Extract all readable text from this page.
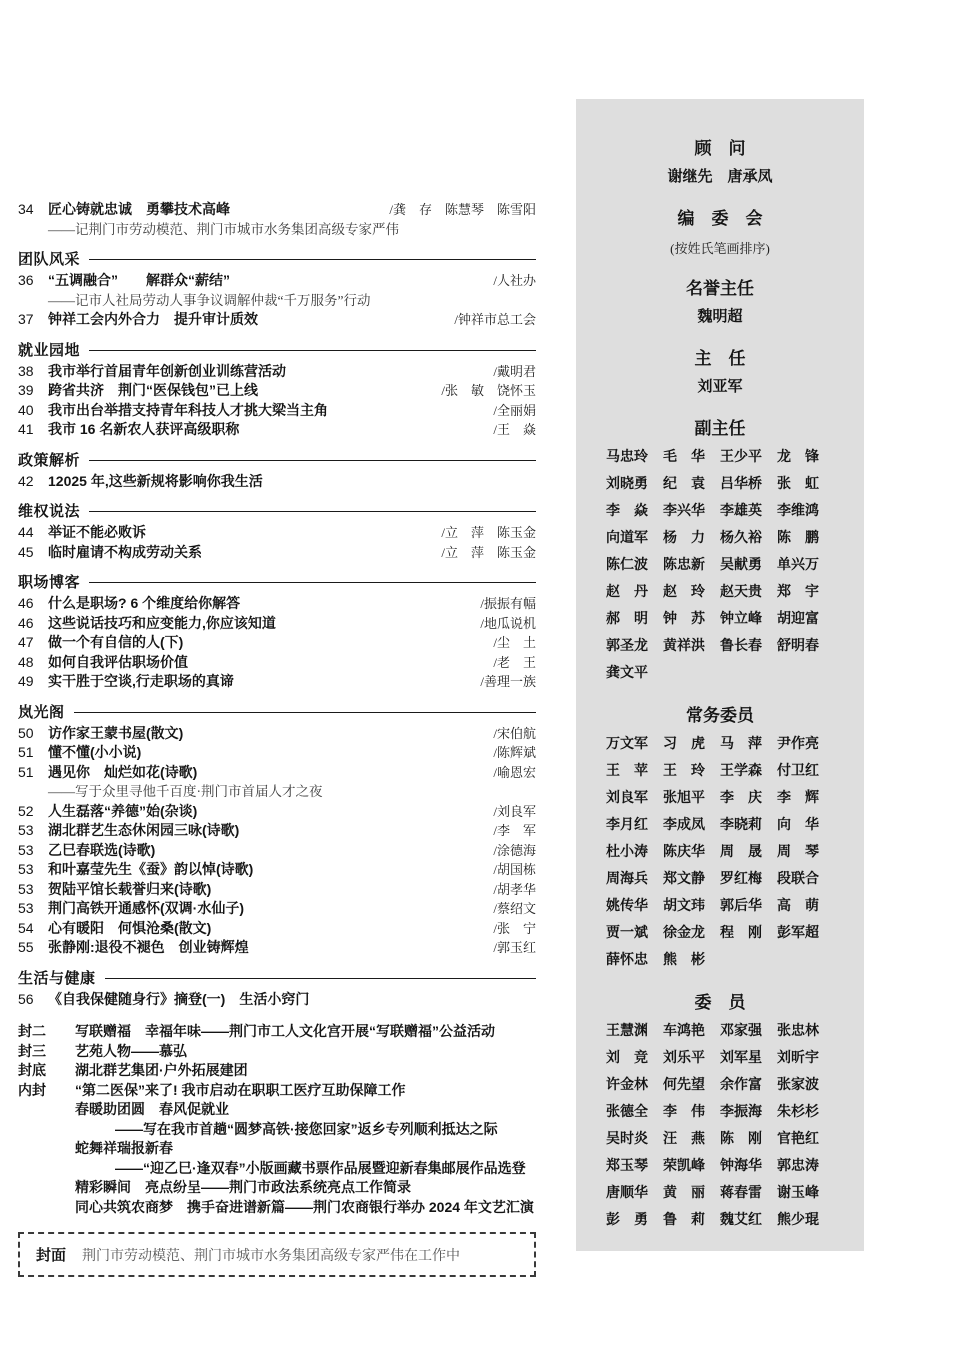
34	匠心铸就忠诚　勇攀技术高峰	/龚　存　陈慧琴　陈雪阳
——记荆门市劳动模范、荆门市城市水务集团高级专家严伟
团队风采
36	“五调融合”　　解群众“薪结”	/人社办
——记市人社局劳动人事争议调解仲裁“千万服务”行动
37	钟祥工会内外合力　提升审计质效	/钟祥市总工会
就业园地
38	我市举行首届青年创新创业训练营活动	/戴明君
39	跨省共济　荆门“医保钱包”已上线	/张　敏　饶怀玉
40	我市出台举措支持青年科技人才挑大梁当主角	/全丽娟
41	我市 16 名新农人获评高级职称	/王　焱
政策解析
42	12025 年,这些新规将影响你我生活
维权说法
44	举证不能必败诉	/立　萍　陈玉金
45	临时雇请不构成劳动关系	/立　萍　陈玉金
职场博客
46	什么是职场? 6 个维度给你解答	/振振有幅
46	这些说话技巧和应变能力,你应该知道	/地瓜说机
47	做一个有自信的人(下)	/尘　土
48	如何自我评估职场价值	/老　王
49	实干胜于空谈,行走职场的真谛	/善理一族
岚光阁
50	访作家王蒙书屋(散文)	/宋伯航
51	懂不懂(小小说)	/陈辉斌
51	遇见你　灿烂如花(诗歌)	/喻恩宏
——写于众里寻他千百度·荆门市首届人才之夜
52	人生磊落“养德”始(杂谈)	/刘良军
53	湖北群艺生态休闲园三咏(诗歌)	/李　军
53	乙巳春联选(诗歌)	/涂德海
53	和叶嘉莹先生《蚕》韵以悼(诗歌)	/胡国栋
53	贺陆平馆长载誉归来(诗歌)	/胡孝华
53	荆门高铁开通感怀(双调·水仙子)	/蔡绍文
54	心有暖阳　何惧沧桑(散文)	/张　宁
55	张静刚:退役不褪色　创业铸辉煌	/郭玉红
生活与健康
56	《自我保健随身行》摘登(一)　生活小窍门
封二	写联赠福　幸福年味——荆门市工人文化宫开展“写联赠福”公益活动
封三	艺苑人物——慕弘
封底	湖北群艺集团·户外拓展建团
内封	“第二医保”来了! 我市启动在职职工医疗互助保障工作
春暖助团圆　春风促就业
——写在我市首趟“圆梦高铁·接您回家”返乡专列顺利抵达之际
蛇舞祥瑞报新春
——“迎乙巳·逢双春”小版画藏书票作品展暨迎新春集邮展作品选登
精彩瞬间　亮点纷呈——荆门市政法系统亮点工作简录
同心共筑农商梦　携手奋进谱新篇——荆门农商银行举办 2024 年文艺汇演
封面 荆门市劳动模范、荆门市城市水务集团高级专家严伟在工作中
顾　问
谢继先　唐承凤
编　委　会
(按姓氏笔画排序)
名誉主任
魏明超
主　任
刘亚军
副主任
马忠玲	毛　华	王少平	龙　锋
刘晓勇	纪　袁	吕华桥	张　虹
李　焱	李兴华	李雄英	李维鸿
向道军	杨　力	杨久裕	陈　鹏
陈仁波	陈忠新	吴献勇	单兴万
赵　丹	赵　玲	赵天贵	郑　宇
郝　明	钟　苏	钟立峰	胡迎富
郭圣龙	黄祥洪	鲁长春	舒明春
龚文平
常务委员
万文军	习　虎	马　萍	尹作亮
王　苹	王　玲	王学森	付卫红
刘良军	张旭平	李　庆	李　辉
李月红	李成凤	李晓莉	向　华
杜小涛	陈庆华	周　晟	周　琴
周海兵	郑文静	罗红梅	段联合
姚传华	胡文玮	郭后华	高　萌
贾一斌	徐金龙	程　刚	彭军超
薛怀忠	熊　彬
委　员
王慧渊	车鸿艳	邓家强	张忠林
刘　竞	刘乐平	刘军星	刘昕宇
许金林	何先望	余作富	张家波
张德全	李　伟	李振海	朱杉杉
吴时炎	汪　燕	陈　刚	官艳红
郑玉琴	荣凯峰	钟海华	郭忠涛
唐顺华	黄　丽	蒋春雷	谢玉峰
彭　勇	鲁　莉	魏艾红	熊少琨
